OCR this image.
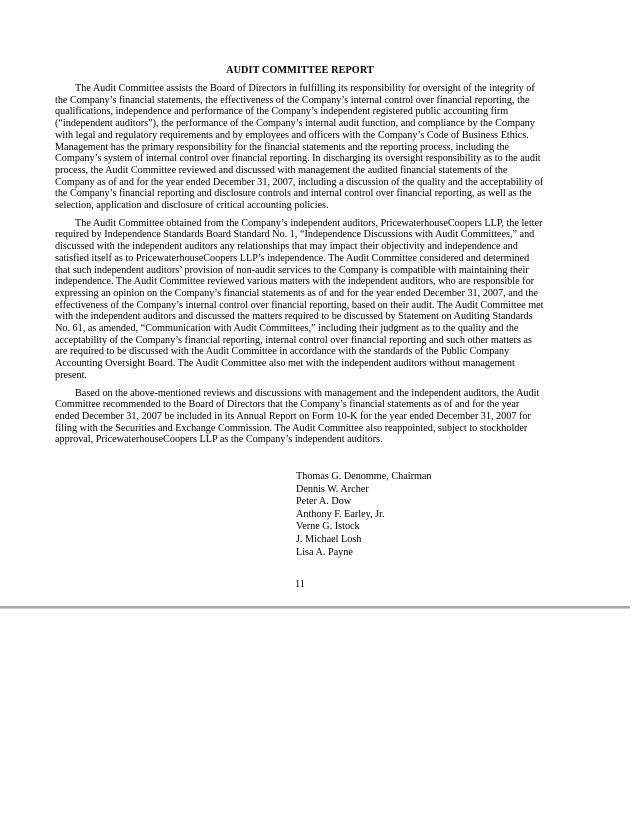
AUDIT COMMITTEE REPORT

The Audit Committee assists the Board of Directors in fulfilling its responsibility for oversight of the integrity of the Company’s financial statements, the effectiveness of the Company’s internal control over financial reporting, the qualifications, independence and performance of the Company’s independent registered public accounting firm (“independent auditors”), the performance of the Company’s internal audit function, and compliance by the Company with legal and regulatory requirements and by employees and officers with the Company’s Code of Business Ethics. Management has the primary responsibility for the financial statements and the reporting process, including the Company’s system of internal control over financial reporting. In discharging its oversight responsibility as to the audit process, the Audit Committee reviewed and discussed with management the audited financial statements of the Company as of and for the year ended December 31, 2007, including a discussion of the quality and the acceptability of the Company’s financial reporting and disclosure controls and internal control over financial reporting, as well as the selection, application and disclosure of critical accounting policies.

The Audit Committee obtained from the Company’s independent auditors, PricewaterhouseCoopers LLP, the letter required by Independence Standards Board Standard No. 1, “Independence Discussions with Audit Committees,” and discussed with the independent auditors any relationships that may impact their objectivity and independence and satisfied itself as to PricewaterhouseCoopers LLP’s independence. The Audit Committee considered and determined that such independent auditors’ provision of non-audit services to the Company is compatible with maintaining their independence. The Audit Committee reviewed various matters with the independent auditors, who are responsible for expressing an opinion on the Company’s financial statements as of and for the year ended December 31, 2007, and the effectiveness of the Company’s internal control over financial reporting, based on their audit. The Audit Committee met with the independent auditors and discussed the matters required to be discussed by Statement on Auditing Standards No. 61, as amended, “Communication with Audit Committees,” including their judgment as to the quality and the acceptability of the Company’s financial reporting, internal control over financial reporting and such other matters as are required to be discussed with the Audit Committee in accordance with the standards of the Public Company Accounting Oversight Board. The Audit Committee also met with the independent auditors without management present.

Based on the above-mentioned reviews and discussions with management and the independent auditors, the Audit Committee recommended to the Board of Directors that the Company’s financial statements as of and for the year ended December 31, 2007 be included in its Annual Report on Form 10-K for the year ended December 31, 2007 for filing with the Securities and Exchange Commission. The Audit Committee also reappointed, subject to stockholder approval, PricewaterhouseCoopers LLP as the Company’s independent auditors.

Thomas G. Denomme, Chairman
Dennis W. Archer
Peter A. Dow
Anthony F. Earley, Jr.
Verne G. Istock
J. Michael Losh
Lisa A. Payne
11
